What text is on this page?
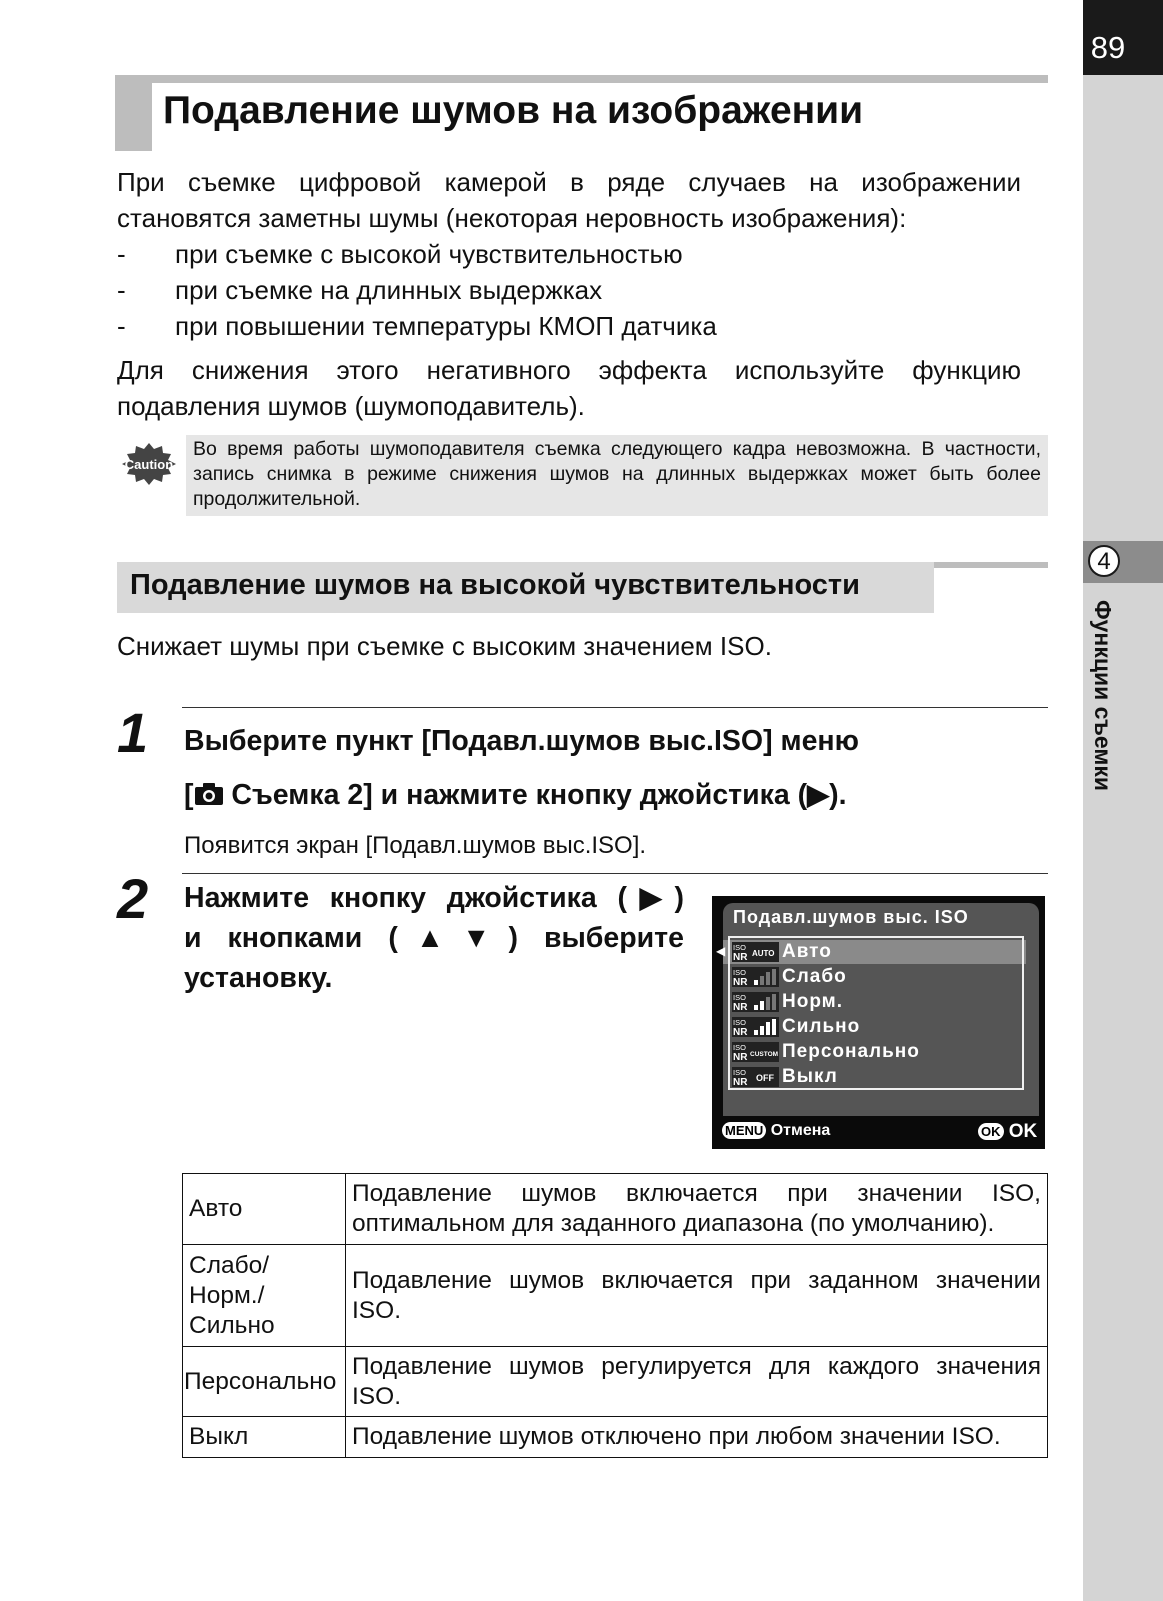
89
4
Функции съемки
Подавление шумов на изображении
При съемке цифровой камерой в ряде случаев на изображении
становятся заметны шумы (некоторая неровность изображения):
- при съемке с высокой чувствительностью
- при съемке на длинных выдержках
- при повышении температуры КМОП датчика
Для снижения этого негативного эффекта используйте функцию
подавления шумов (шумоподавитель).
Caution
Во время работы шумоподавителя съемка следующего кадра невозможна. В частности, запись снимка в режиме снижения шумов на длинных выдержках может быть более продолжительной.
Подавление шумов на высокой чувствительности
Снижает шумы при съемке с высоким значением ISO.
1 Выберите пункт [Подавл.шумов выс.ISO] меню
[ Съемка 2] и нажмите кнопку джойстика (▶).
Появится экран [Подавл.шумов выс.ISO].
2 Нажмите кнопку джойстика (▶)
и кнопками (▲▼) выберите
установку.
Подавл.шумов выс. ISO
◀ ISO
NR AUTO Авто
ISO
NR Слабо
ISO
NR Норм.
ISO
NR Сильно
ISO
NR CUSTOM Персонально
ISO
NR OFF Выкл
MENU Отмена	OK OK
Авто	Подавление шумов включается при значении ISO, оптимальном для заданного диапазона (по умолчанию).
Слабо/ Норм./ Сильно	Подавление шумов включается при заданном значении ISO.
Персонально	Подавление шумов регулируется для каждого значения ISO.
Выкл	Подавление шумов отключено при любом значении ISO.
